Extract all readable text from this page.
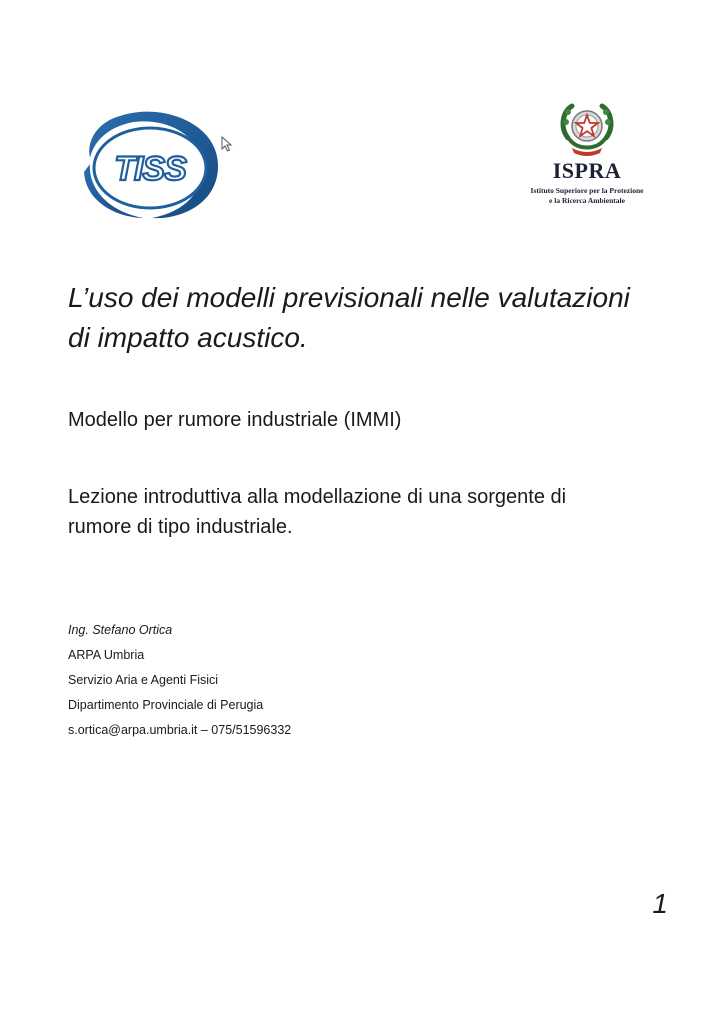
TISS	ISPRA
Istituto Superiore per la Protezione
e la Ricerca Ambientale
L’uso dei modelli previsionali nelle valutazioni
di impatto acustico.

Modello per rumore industriale (IMMI)

Lezione introduttiva alla modellazione di una sorgente di
rumore di tipo industriale.

Ing. Stefano Ortica
ARPA Umbria
Servizio Aria e Agenti Fisici
Dipartimento Provinciale di Perugia
s.ortica@arpa.umbria.it – 075/51596332
1
